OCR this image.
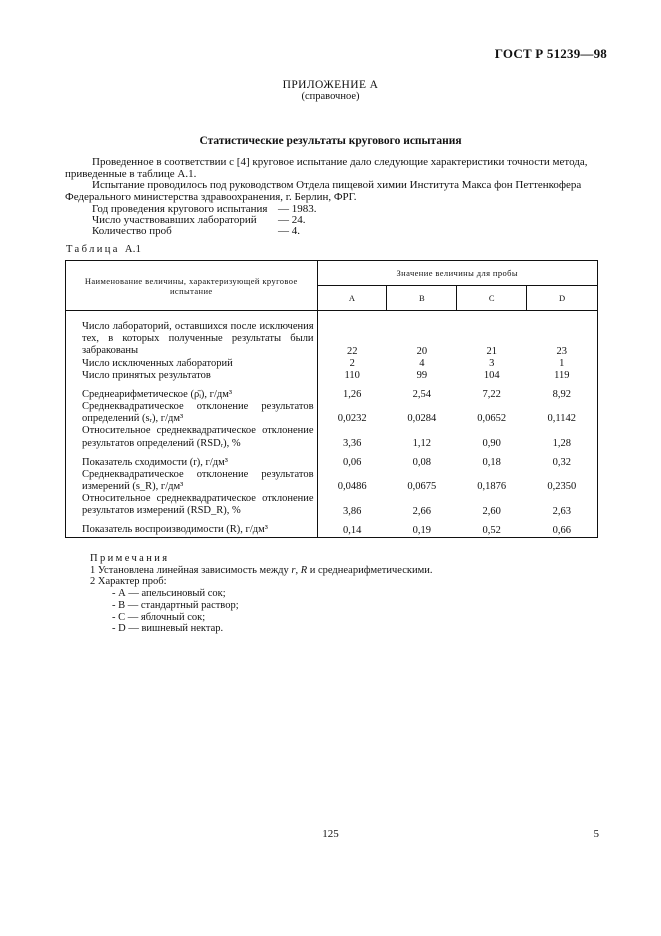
ГОСТ Р 51239—98
ПРИЛОЖЕНИЕ А
(справочное)
Статистические результаты кругового испытания
Проведенное в соответствии с [4] круговое испытание дало следующие характеристики точности метода, приведенные в таблице А.1.
Испытание проводилось под руководством Отдела пищевой химии Института Макса фон Петтенкофера Федерального министерства здравоохранения, г. Берлин, ФРГ.
Год проведения кругового испытания — 1983.
Число участвовавших лабораторий — 24.
Количество проб	— 4.
Таблица А.1
Наименование величины, характеризующей круговое испытание	Значение величины для пробы			
	А	В	С	D
Число лабораторий, оставшихся после исключения тех, в которых полученные результаты были забракованы	22	20	21	23
Число исключенных лабораторий	2	4	3	1
Число принятых результатов	110	99	104	119
Среднеарифметическое (ρ̄ᵢ), г/дм³	1,26	2,54	7,22	8,92
Среднеквадратическое отклонение результатов определений (sᵣ), г/дм³	0,0232	0,0284	0,0652	0,1142
Относительное среднеквадратическое отклонение результатов определений (RSDᵣ), %	3,36	1,12	0,90	1,28
Показатель сходимости (r), г/дм³	0,06	0,08	0,18	0,32
Среднеквадратическое отклонение результатов измерений (s_R), г/дм³	0,0486	0,0675	0,1876	0,2350
Относительное среднеквадратическое отклонение результатов измерений (RSD_R), %	3,86	2,66	2,60	2,63
Показатель воспроизводимости (R), г/дм³	0,14	0,19	0,52	0,66
Примечания
1 Установлена линейная зависимость между r, R и среднеарифметическими.
2 Характер проб:
- А — апельсиновый сок;
- В — стандартный раствор;
- С — яблочный сок;
- D — вишневый нектар.
125	5
